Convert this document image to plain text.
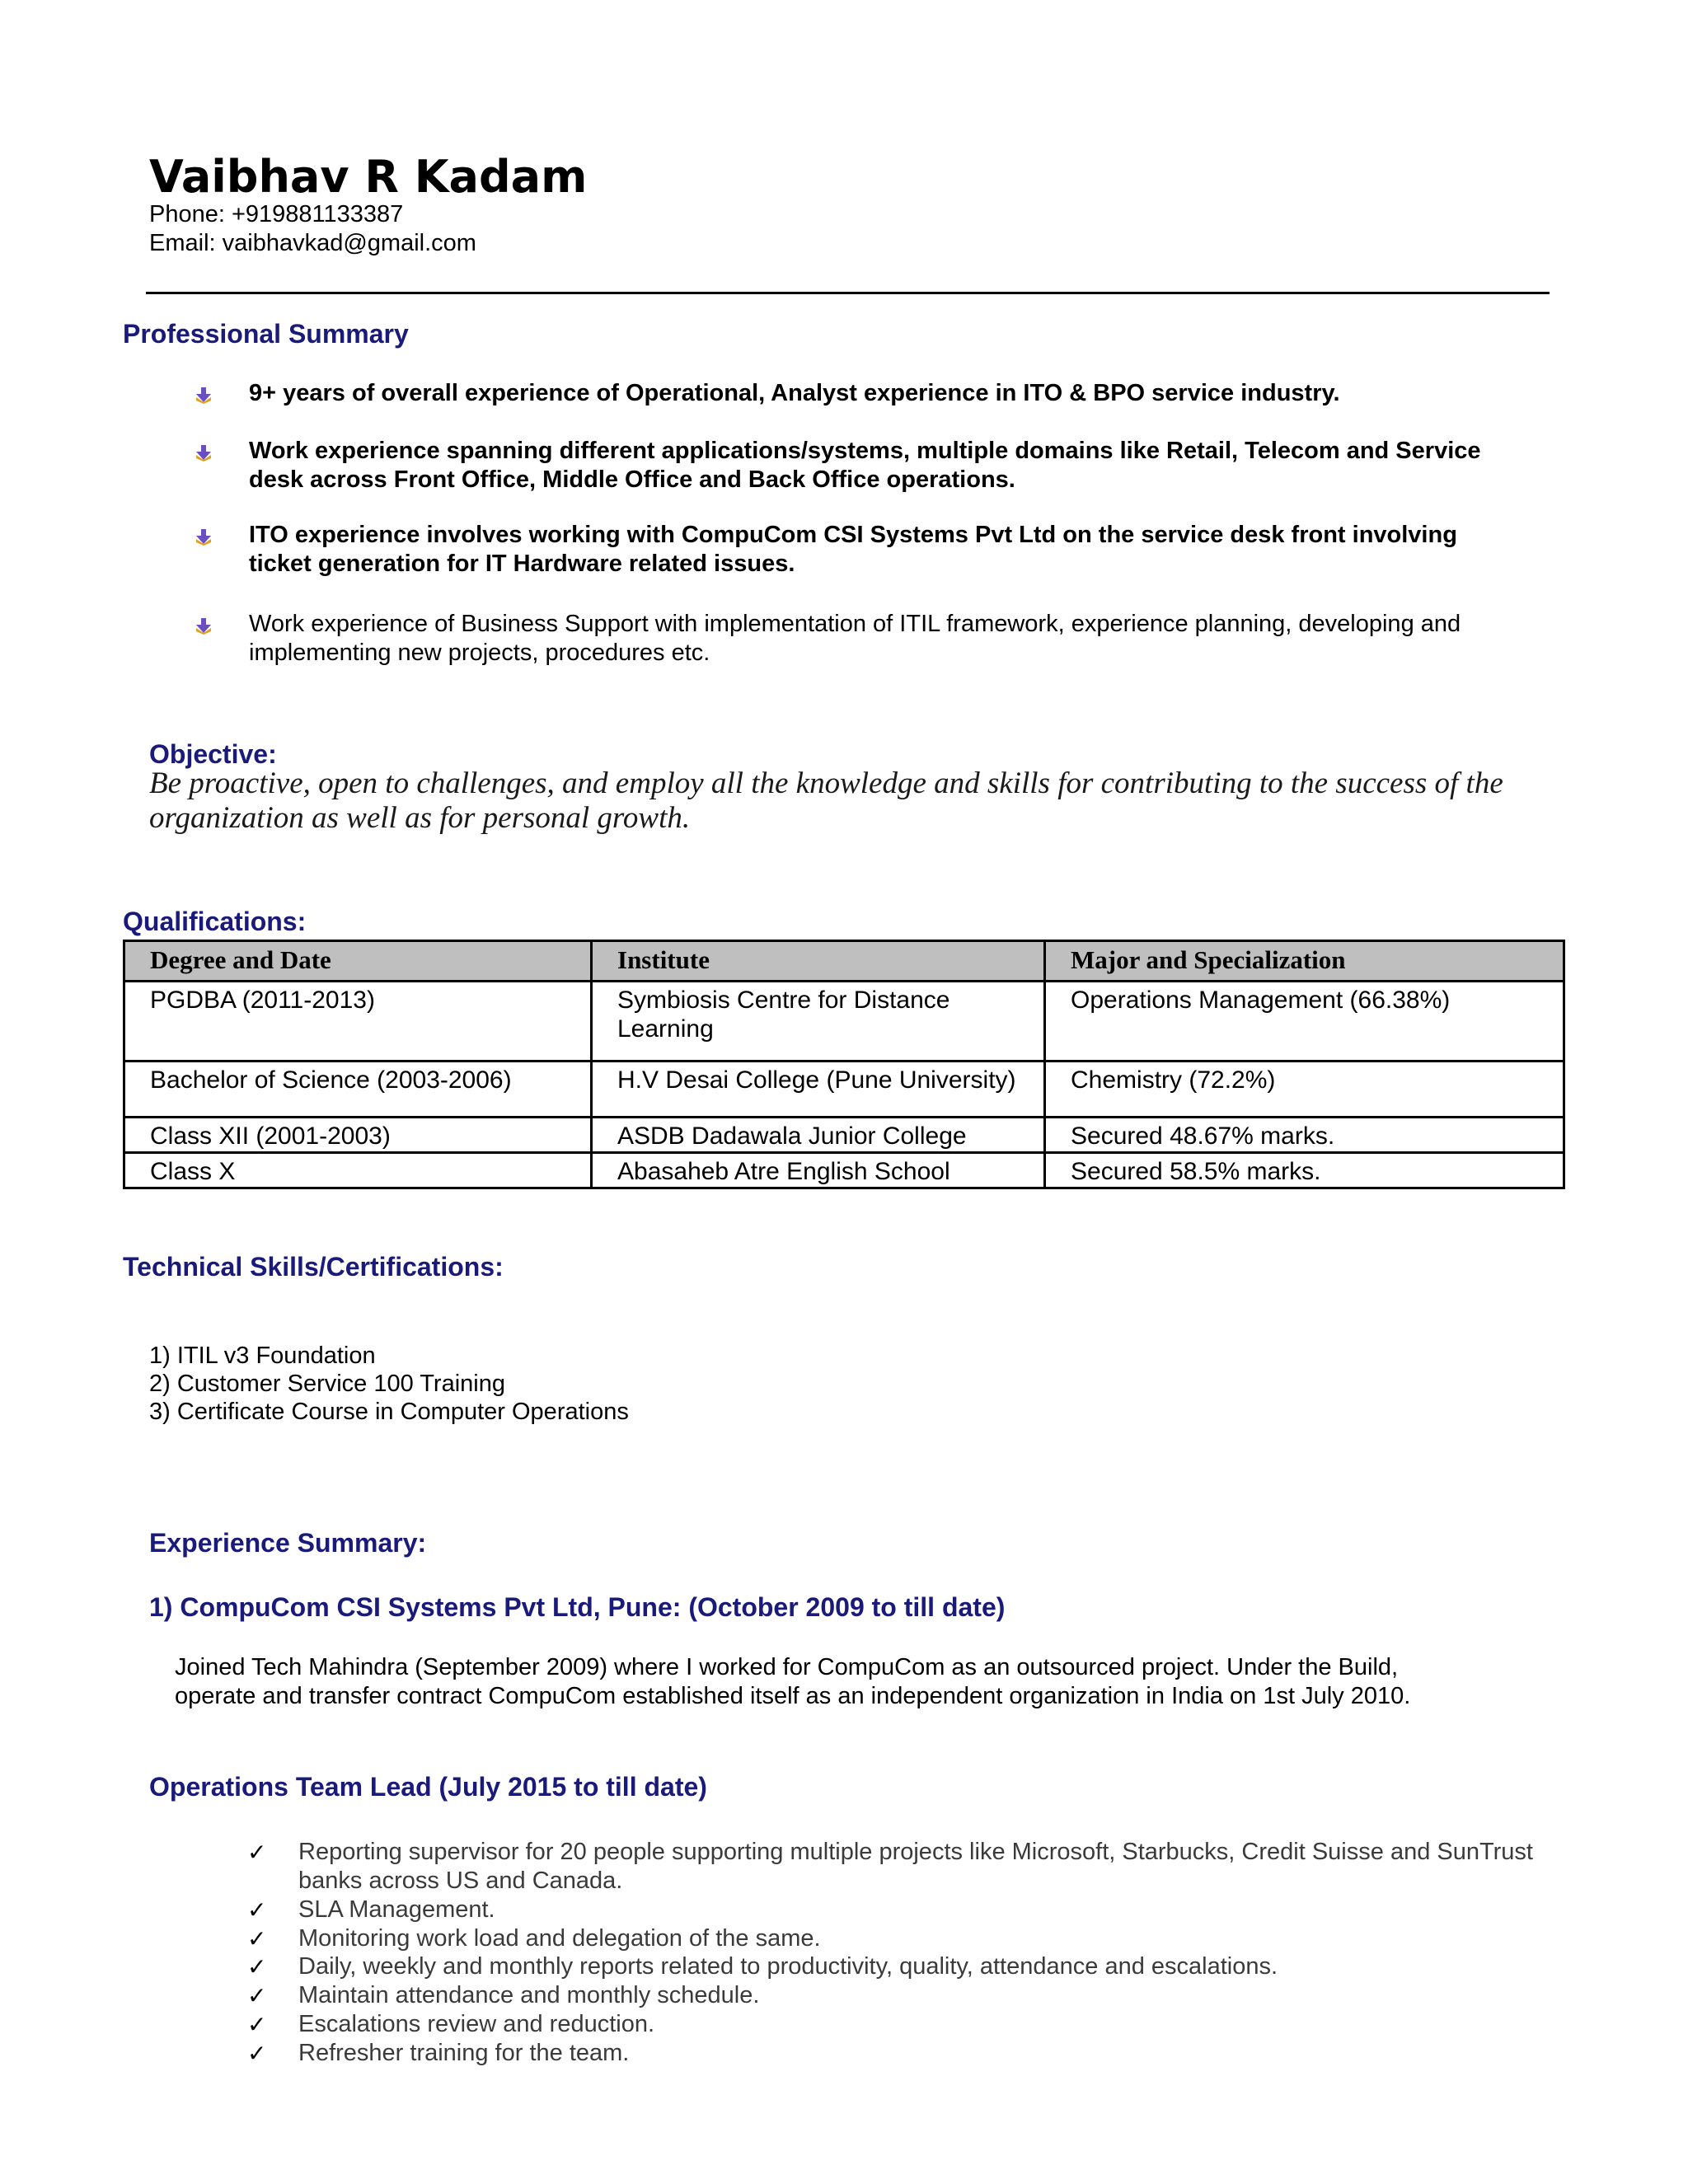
Vaibhav R Kadam
Phone: +919881133387
Email: vaibhavkad@gmail.com
Professional Summary
9+ years of overall experience of Operational, Analyst experience in ITO & BPO service industry.
Work experience spanning different applications/systems, multiple domains like Retail, Telecom and Service desk across Front Office, Middle Office and Back Office operations.
ITO experience involves working with CompuCom CSI Systems Pvt Ltd on the service desk front involving ticket generation for IT Hardware related issues.
Work experience of Business Support with implementation of ITIL framework, experience planning, developing and implementing new projects, procedures etc.
Objective:
Be proactive, open to challenges, and employ all the knowledge and skills for contributing to the success of the organization as well as for personal growth.
Qualifications:
Degree and Date	Institute	Major and Specialization
PGDBA (2011-2013)	Symbiosis Centre for Distance Learning	Operations Management (66.38%)
Bachelor of Science (2003-2006)	H.V Desai College (Pune University)	Chemistry (72.2%)
Class XII (2001-2003)	ASDB Dadawala Junior College	Secured 48.67% marks.
Class X	Abasaheb Atre English School	Secured 58.5% marks.
Technical Skills/Certifications:
1) ITIL v3 Foundation
2) Customer Service 100 Training
3) Certificate Course in Computer Operations
Experience Summary:
1) CompuCom CSI Systems Pvt Ltd, Pune: (October 2009 to till date)
Joined Tech Mahindra (September 2009) where I worked for CompuCom as an outsourced project. Under the Build, operate and transfer contract CompuCom established itself as an independent organization in India on 1st July 2010.
Operations Team Lead (July 2015 to till date)
✓ Reporting supervisor for 20 people supporting multiple projects like Microsoft, Starbucks, Credit Suisse and SunTrust banks across US and Canada.
✓ SLA Management.
✓ Monitoring work load and delegation of the same.
✓ Daily, weekly and monthly reports related to productivity, quality, attendance and escalations.
✓ Maintain attendance and monthly schedule.
✓ Escalations review and reduction.
✓ Refresher training for the team.
